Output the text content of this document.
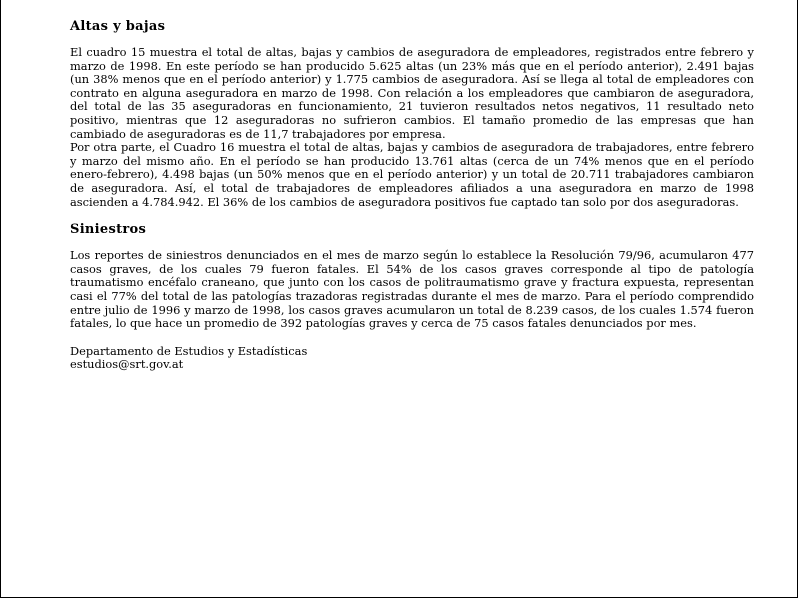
Altas y bajas

El cuadro 15 muestra el total de altas, bajas y cambios de aseguradora de empleadores, registrados entre febrero y marzo de 1998. En este período se han producido 5.625 altas (un 23% más que en el período anterior), 2.491 bajas (un 38% menos que en el período anterior) y 1.775 cambios de aseguradora. Así se llega al total de empleadores con contrato en alguna aseguradora en marzo de 1998. Con relación a los empleadores que cambiaron de aseguradora, del total de las 35 aseguradoras en funcionamiento, 21 tuvieron resultados netos negativos, 11 resultado neto positivo, mientras que 12 aseguradoras no sufrieron cambios. El tamaño promedio de las empresas que han cambiado de aseguradoras es de 11,7 trabajadores por empresa.

Por otra parte, el Cuadro 16 muestra el total de altas, bajas y cambios de aseguradora de trabajadores, entre febrero y marzo del mismo año. En el período se han producido 13.761 altas (cerca de un 74% menos que en el período enero-febrero), 4.498 bajas (un 50% menos que en el período anterior) y un total de 20.711 trabajadores cambiaron de aseguradora. Así, el total de trabajadores de empleadores afiliados a una aseguradora en marzo de 1998 ascienden a 4.784.942. El 36% de los cambios de aseguradora positivos fue captado tan solo por dos aseguradoras.

Siniestros

Los reportes de siniestros denunciados en el mes de marzo según lo establece la Resolución 79/96, acumularon 477 casos graves, de los cuales 79 fueron fatales. El 54% de los casos graves corresponde al tipo de patología traumatismo encéfalo craneano, que junto con los casos de politraumatismo grave y fractura expuesta, representan casi el 77% del total de las patologías trazadoras registradas durante el mes de marzo. Para el período comprendido entre julio de 1996 y marzo de 1998, los casos graves acumularon un total de 8.239 casos, de los cuales 1.574 fueron fatales, lo que hace un promedio de 392 patologías graves y cerca de 75 casos fatales denunciados por mes.

Departamento de Estudios y Estadísticas
estudios@srt.gov.at
